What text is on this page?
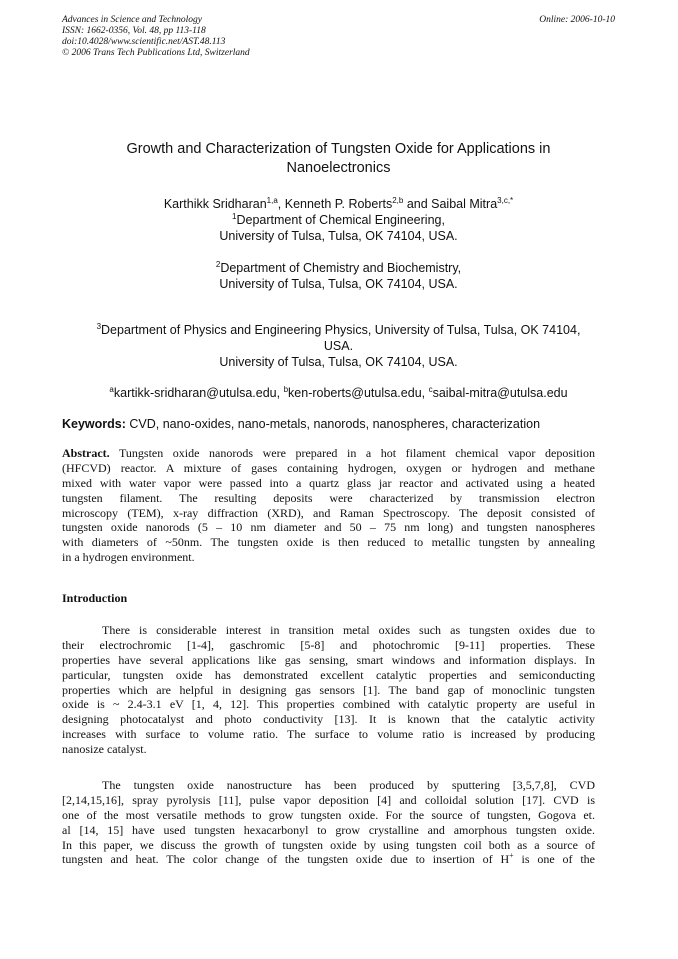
Advances in Science and Technology
ISSN: 1662-0356, Vol. 48, pp 113-118
doi:10.4028/www.scientific.net/AST.48.113
© 2006 Trans Tech Publications Ltd, Switzerland
Online: 2006-10-10
Growth and Characterization of Tungsten Oxide for Applications in
Nanoelectronics
Karthikk Sridharan$^{1,a}$, Kenneth P. Roberts$^{2,b}$ and Saibal Mitra$^{3,c,*}$
$^1$Department of Chemical Engineering,
University of Tulsa, Tulsa, OK 74104, USA.
$^2$Department of Chemistry and Biochemistry,
University of Tulsa, Tulsa, OK 74104, USA.
$^3$Department of Physics and Engineering Physics, University of Tulsa, Tulsa, OK 74104,
USA.
University of Tulsa, Tulsa, OK 74104, USA.
$^a$kartikk-sridharan@utulsa.edu, $^b$ken-roberts@utulsa.edu, $^c$saibal-mitra@utulsa.edu
Keywords: CVD, nano-oxides, nano-metals, nanorods, nanospheres, characterization
Abstract. Tungsten oxide nanorods were prepared in a hot filament chemical vapor deposition
(HFCVD) reactor. A mixture of gases containing hydrogen, oxygen or hydrogen and methane
mixed with water vapor were passed into a quartz glass jar reactor and activated using a heated
tungsten filament. The resulting deposits were characterized by transmission electron
microscopy (TEM), x-ray diffraction (XRD), and Raman Spectroscopy. The deposit consisted of
tungsten oxide nanorods (5 – 10 nm diameter and 50 – 75 nm long) and tungsten nanospheres
with diameters of ~50nm. The tungsten oxide is then reduced to metallic tungsten by annealing
in a hydrogen environment.
Introduction
There is considerable interest in transition metal oxides such as tungsten oxides due to
their electrochromic [1-4], gaschromic [5-8] and photochromic [9-11] properties. These
properties have several applications like gas sensing, smart windows and information displays. In
particular, tungsten oxide has demonstrated excellent catalytic properties and semiconducting
properties which are helpful in designing gas sensors [1]. The band gap of monoclinic tungsten
oxide is ~ 2.4-3.1 eV [1, 4, 12]. This properties combined with catalytic property are useful in
designing photocatalyst and photo conductivity [13]. It is known that the catalytic activity
increases with surface to volume ratio. The surface to volume ratio is increased by producing
nanosize catalyst.
The tungsten oxide nanostructure has been produced by sputtering [3,5,7,8], CVD
[2,14,15,16], spray pyrolysis [11], pulse vapor deposition [4] and colloidal solution [17]. CVD is
one of the most versatile methods to grow tungsten oxide. For the source of tungsten, Gogova et.
al [14, 15] have used tungsten hexacarbonyl to grow crystalline and amorphous tungsten oxide.
In this paper, we discuss the growth of tungsten oxide by using tungsten coil both as a source of
tungsten and heat. The color change of the tungsten oxide due to insertion of H+ is one of the
